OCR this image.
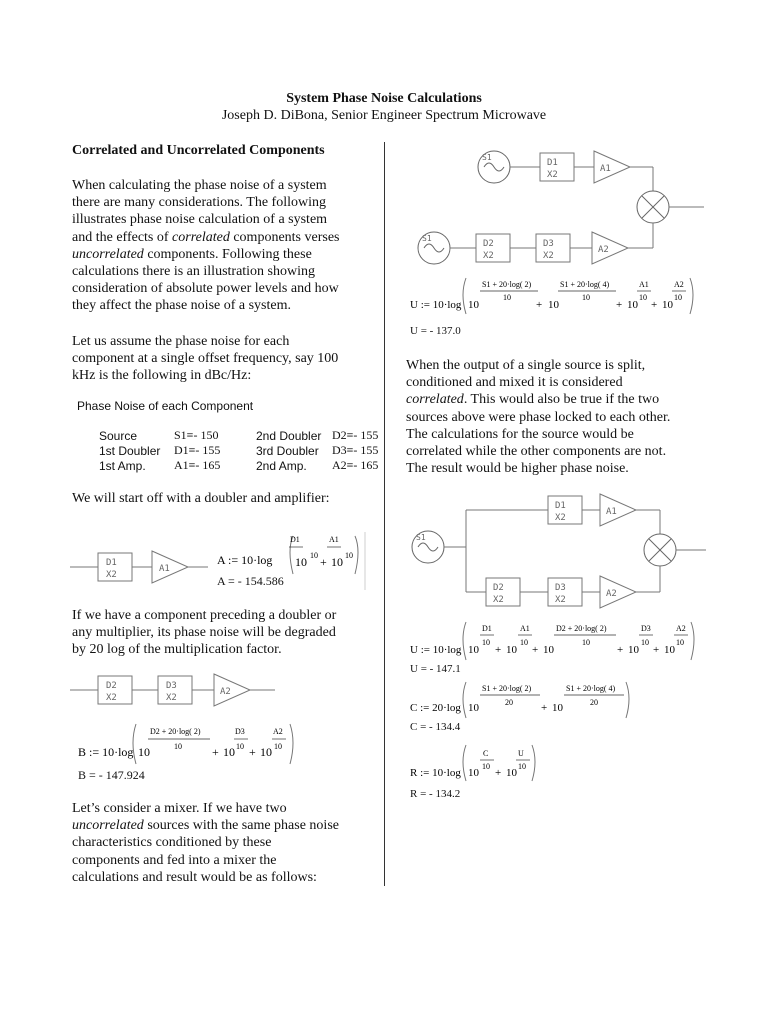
System Phase Noise Calculations
Joseph D. DiBona, Senior Engineer Spectrum Microwave
Correlated and Uncorrelated Components
When calculating the phase noise of a system
there are many considerations. The following
illustrates phase noise calculation of a system
and the effects of correlated components verses
uncorrelated components. Following these
calculations there is an illustration showing
consideration of absolute power levels and how
they affect the phase noise of a system.
Let us assume the phase noise for each
component at a single offset frequency, say 100
kHz is the following in dBc/Hz:
Phase Noise of each Component
Source	S1≡- 150	2nd Doubler	D2≡- 155
1st Doubler	D1≡- 155	3rd Doubler	D3≡- 155
1st Amp.	A1≡- 165	2nd Amp.	A2≡- 165
We will start off with a doubler and amplifier:
D1
X2
A1
A := 10·log 10
D1
10 + 10
A1
10
A = - 154.586
If we have a component preceding a doubler or
any multiplier, its phase noise will be degraded
by 20 log of the multiplication factor.
D2
X2
D3
X2
A2
B := 10·log 10
D2 + 20·log( 2)
10	+ 10
D3
10 + 10
A2
10
B = - 147.924
Let’s consider a mixer. If we have two
uncorrelated sources with the same phase noise
characteristics conditioned by these
components and fed into a mixer the
calculations and result would be as follows:
S1
D1
X2
A1
S1
D2
X2
D3
X2
A2
U := 10·log 10
S1 + 20·log( 2)
10
+ 10
S1 + 20·log( 4)
10
+ 10
A1
10
+ 10
A2
10
U = - 137.0
When the output of a single source is split,
conditioned and mixed it is considered
correlated. This would also be true if the two
sources above were phase locked to each other.
The calculations for the source would be
correlated while the other components are not.
The result would be higher phase noise.
S1
D1
X2
A1
D2
X2
D3
X2
A2
U := 10·log 10
D1
10
+ 10
A1
10
+ 10
D2 + 20·log( 2)
10
+ 10
D3
10
+ 10
A2
10
U = - 147.1
C := 20·log 10
S1 + 20·log( 2)
20	+ 10
S1 + 20·log( 4)
20
C = - 134.4
R := 10·log 10
C
10
+ 10
U
10
R = - 134.2
